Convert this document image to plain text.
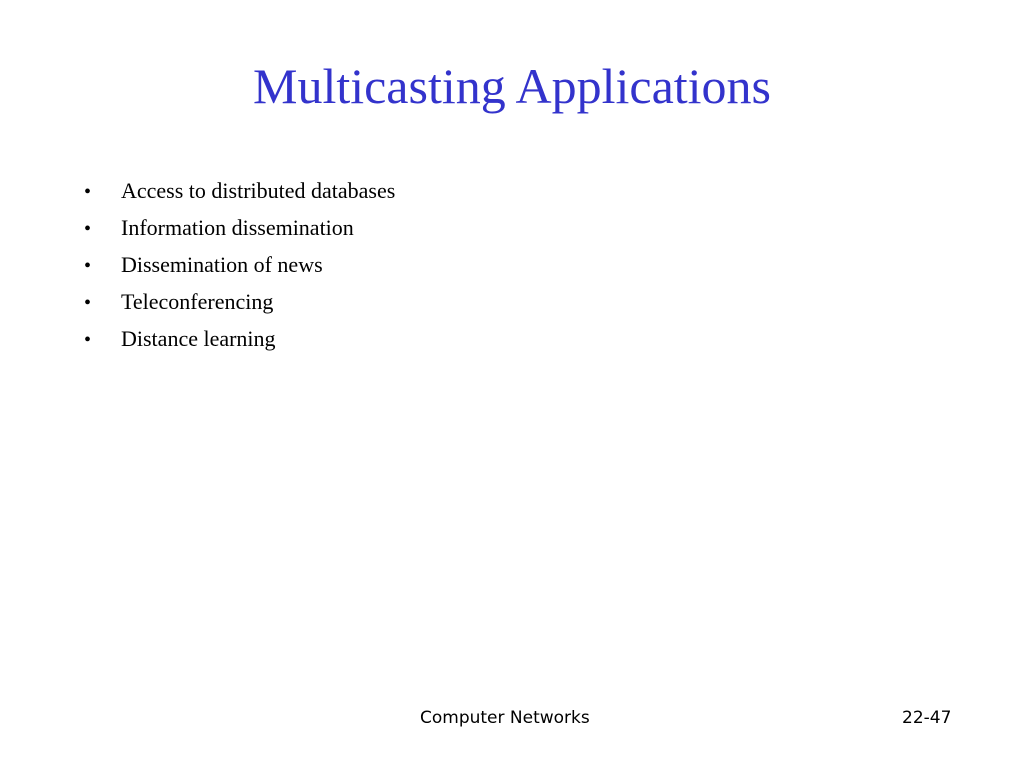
Multicasting Applications
•	Access to distributed databases
•	Information dissemination
•	Dissemination of news
•	Teleconferencing
•	Distance learning
Computer Networks	22-47
